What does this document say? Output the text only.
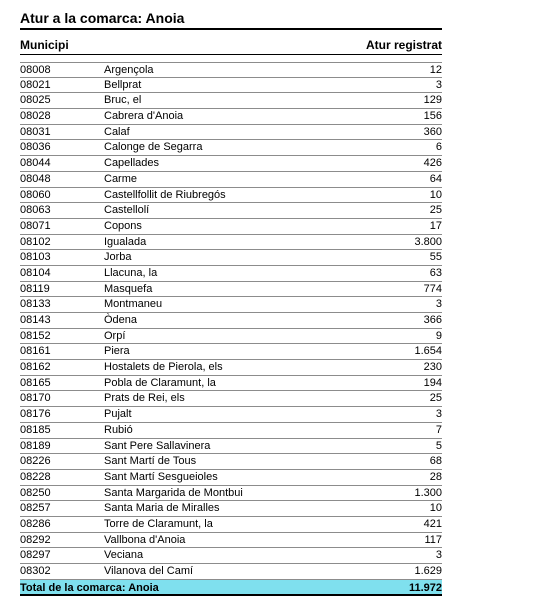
Atur a la comarca: Anoia
Municipi	Atur registrat
08008	Argençola	12
08021	Bellprat	3
08025	Bruc, el	129
08028	Cabrera d'Anoia	156
08031	Calaf	360
08036	Calonge de Segarra	6
08044	Capellades	426
08048	Carme	64
08060	Castellfollit de Riubregós	10
08063	Castellolí	25
08071	Copons	17
08102	Igualada	3.800
08103	Jorba	55
08104	Llacuna, la	63
08119	Masquefa	774
08133	Montmaneu	3
08143	Òdena	366
08152	Orpí	9
08161	Piera	1.654
08162	Hostalets de Pierola, els	230
08165	Pobla de Claramunt, la	194
08170	Prats de Rei, els	25
08176	Pujalt	3
08185	Rubió	7
08189	Sant Pere Sallavinera	5
08226	Sant Martí de Tous	68
08228	Sant Martí Sesgueioles	28
08250	Santa Margarida de Montbui	1.300
08257	Santa Maria de Miralles	10
08286	Torre de Claramunt, la	421
08292	Vallbona d'Anoia	117
08297	Veciana	3
08302	Vilanova del Camí	1.629
Total de la comarca: Anoia	11.972
